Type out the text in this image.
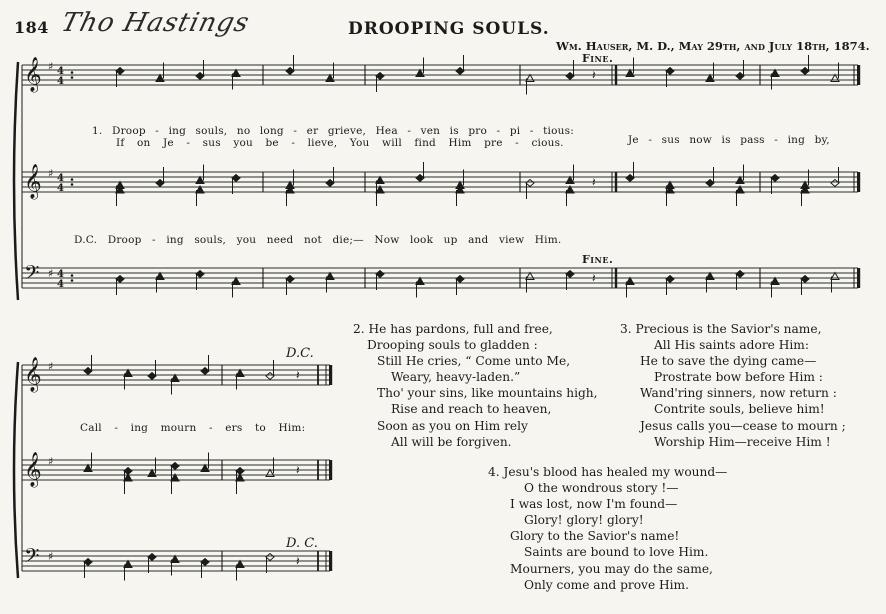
184 Tho Hastings	DROOPING SOULS.
Wm. Hauser, M. D., May 29th, and July 18th, 1874.
Fine.
Fine.
D.C.
D. C.
1. Droop - ing souls, no long - er grieve, Hea - ven is pro - pi - tious:
Je - sus now is pass - ing by,
If on Je - sus you be - lieve, You will find Him pre - cious.
D.C. Droop - ing souls, you need not die;— Now look up and view Him.
Call - ing mourn - ers to Him:
𝄞 ♯ 4
4	𝄽
𝄞 ♯ 4
4	𝄽
𝄢 ♯ 4
4	𝄽
𝄞 ♯
𝄽
𝄞 ♯
𝄽
𝄢 ♯	𝄽
2. He has pardons, full and free,
Drooping souls to gladden :
Still He cries, “ Come unto Me,
Weary, heavy-laden.”
Tho' your sins, like mountains high,
Rise and reach to heaven,
Soon as you on Him rely
All will be forgiven.
3. Precious is the Savior's name,
All His saints adore Him:
He to save the dying came—
Prostrate bow before Him :
Wand'ring sinners, now return :
Contrite souls, believe him!
Jesus calls you—cease to mourn ;
Worship Him—receive Him !
4. Jesu's blood has healed my wound—
O the wondrous story !—
I was lost, now I'm found—
Glory! glory! glory!
Glory to the Savior's name!
Saints are bound to love Him.
Mourners, you may do the same,
Only come and prove Him.
